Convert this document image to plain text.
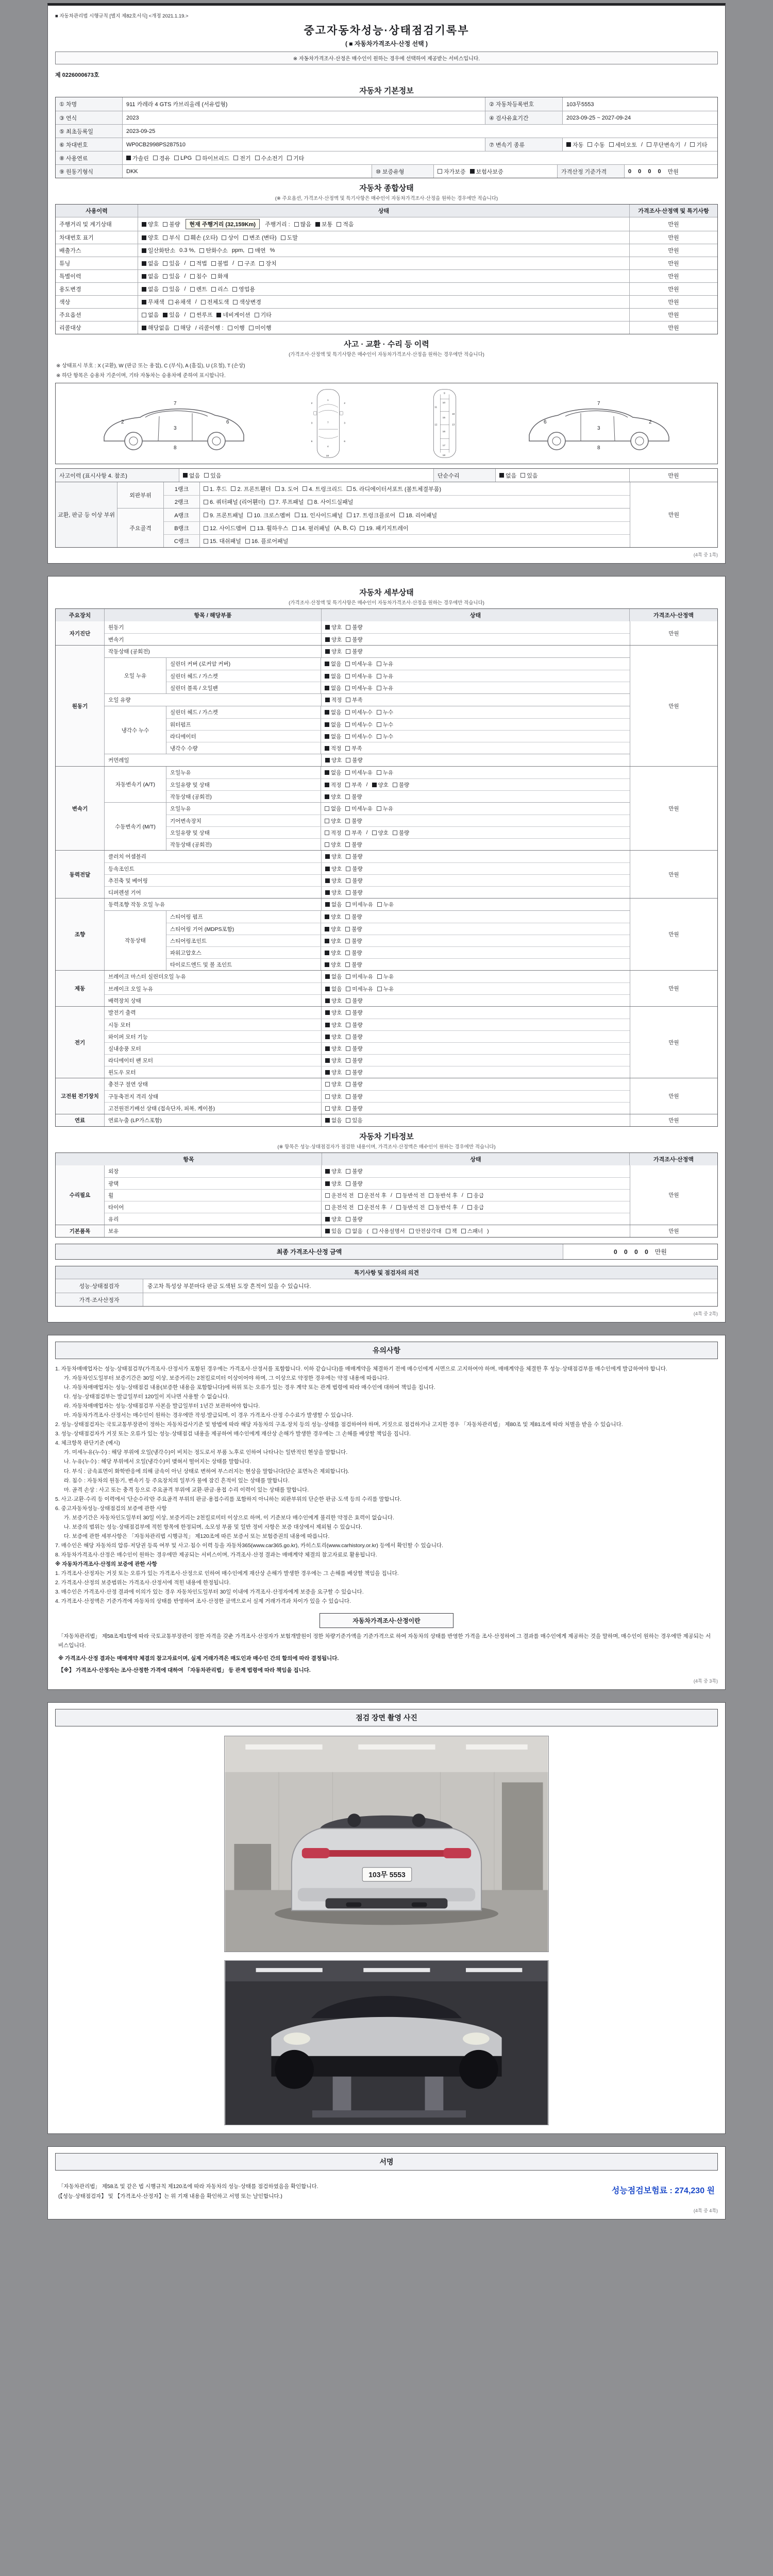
■ 자동차관리법 시행규칙 [별지 제82호서식] <개정 2021.1.19.>
중고자동차성능·상태점검기록부
( ■ 자동차가격조사·산정 선택 )
※ 자동차가격조사·산정은 매수인이 원하는 경우에 선택하여 제공받는 서비스입니다.
제 0226000673호
자동차 기본정보
① 차명	911 카레라 4 GTS 카브리올레 (서유럽형)	② 자동차등록번호	103무5553
③ 연식	2023	④ 검사유효기간	2023-09-25 ~ 2027-09-24
⑤ 최초등록일	2023-09-25
⑥ 차대번호	WP0CB2998PS287510	⑦ 변속기 종류	자동 수동 세미오토 / 무단변속기 / 기타
⑧ 사용연료	가솔린 경유 LPG 하이브리드 전기 수소전기 기타
⑨ 원동기형식	DKK	⑩ 보증유형	자가보증 보험사보증	가격산정 기준가격	0 0 0 0 만원
자동차 종합상태
(※ 주요옵션, 가격조사·산정액 및 특기사항은 매수인이 자동차가격조사·산정을 원하는 경우에만 적습니다)
사용이력	상태	가격조사·산정액 및 특기사항
주행거리 및 계기상태	양호 불량	현재 주행거리 (32,159Km)	주행거리 : 많음 보통 적음	만원
차대번호 표기	양호 부식 훼손 (오타) 상이 변조 (변타) 도말	만원
배출가스	일산화탄소 0.3 %, 탄화수소 ppm, 매연 %	만원
튜닝	없음 있음 / 적법 불법 / 구조 장치	만원
특별이력	없음 있음 / 침수 화재	만원
용도변경	없음 있음 / 렌트 리스 영업용	만원
색상	무채색 유채색 / 전체도색 색상변경	만원
주요옵션	없음 있음 / 썬루프 네비게이션 기타	만원
리콜대상	해당없음 해당 / 리콜이행 : 이행 미이행	만원
사고 · 교환 · 수리 등 이력
(가격조사·산정액 및 특기사항은 매수인이 자동차가격조사·산정을 원하는 경우에만 적습니다)
※ 상태표시 부호 : X (교환), W (판금 또는 용접), C (부식), A (흠집), U (요철), T (손상)
※ 하단 항목은 승용차 기준이며, 기타 자동차는 승용차에 준하여 표시합니다.
2
3
6
7
8
1
7
4
2	2
3	3
6	6
18
9
10
11
12	13
15
16
19
17
18
2
3
6
7
8
사고이력 (표시사항 4. 참조)	없음 있음	단순수리	없음 있음	만원
교환, 판금 등 이상 부위
외판부위
1랭크	1. 후드 2. 프론트휀더 3. 도어 4. 트렁크리드 5. 라디에이터서포트 (볼트체결부품)
2랭크	6. 쿼터패널 (리어휀더) 7. 루프패널 8. 사이드실패널
주요골격
A랭크	9. 프론트패널 10. 크로스멤버 11. 인사이드패널 17. 트렁크플로어 18. 리어패널
B랭크	12. 사이드멤버 13. 휠하우스 14. 필러패널 (A, B, C) 19. 패키지트레이
C랭크	15. 대쉬패널 16. 플로어패널
만원
(4쪽 중 1쪽)
자동차 세부상태
(가격조사·산정액 및 특기사항은 매수인이 자동차가격조사·산정을 원하는 경우에만 적습니다)
주요장치	항목 / 해당부품	상태	가격조사·산정액
자기진단
원동기	양호 불량
변속기	양호 불량
만원
원동기
작동상태 (공회전)	양호 불량
오일 누유
실린더 커버 (로커암 커버)	없음 미세누유 누유
실린더 헤드 / 가스켓	없음 미세누유 누유
실린더 블록 / 오일팬	없음 미세누유 누유
오일 유량	적정 부족
냉각수 누수
실린더 헤드 / 가스켓	없음 미세누수 누수
워터펌프	없음 미세누수 누수
라디에이터	없음 미세누수 누수
냉각수 수량	적정 부족
커먼레일	양호 불량
만원
변속기
자동변속기 (A/T)
오일누유	없음 미세누유 누유
오일유량 및 상태	적정 부족 / 양호 불량
작동상태 (공회전)	양호 불량
수동변속기 (M/T)
오일누유	없음 미세누유 누유
기어변속장치	양호 불량
오일유량 및 상태	적정 부족 / 양호 불량
작동상태 (공회전)	양호 불량
만원
동력전달
클러치 어셈블리	양호 불량
등속조인트	양호 불량
추진축 및 베어링	양호 불량
디퍼렌셜 기어	양호 불량
만원
조향
동력조향 작동 오일 누유	없음 미세누유 누유
작동상태
스티어링 펌프	양호 불량
스티어링 기어 (MDPS포함)	양호 불량
스티어링조인트	양호 불량
파워고압호스	양호 불량
타이로드엔드 및 볼 조인트	양호 불량
만원
제동
브레이크 마스터 실린더오일 누유	없음 미세누유 누유
브레이크 오일 누유	없음 미세누유 누유
배력장치 상태	양호 불량
만원
전기
발전기 출력	양호 불량
시동 모터	양호 불량
와이퍼 모터 기능	양호 불량
실내송풍 모터	양호 불량
라디에이터 팬 모터	양호 불량
윈도우 모터	양호 불량
만원
고전원 전기장치
충전구 절연 상태	양호 불량
구동축전지 격리 상태	양호 불량
고전원전기배선 상태 (접속단자, 피복, 케이블)	양호 불량
만원
연료	연료누출 (LP가스포함)	없음 있음	만원
자동차 기타정보
(※ 항목은 성능·상태점검자가 점검한 내용이며, 가격조사·산정액은 매수인이 원하는 경우에만 적습니다)
항목	상태	가격조사·산정액
수리필요
외장	양호 불량
광택	양호 불량
휠	운전석 전 운전석 후 / 동반석 전 동반석 후 / 응급
타이어	운전석 전 운전석 후 / 동반석 전 동반석 후 / 응급
유리	양호 불량
만원
기본품목	보유	있음 없음 ( 사용설명서 안전삼각대 잭 스패너 )	만원
최종 가격조사·산정 금액	0 0 0 0 만원
특기사항 및 점검자의 의견
성능·상태점검자	중고차 특성상 부분마다 판금 도색된 도장 흔적이 있을 수 있습니다.
가격·조사산정자
(4쪽 중 2쪽)
유의사항
1. 자동차매매업자는 성능·상태점검부(가격조사·산정서가 포함된 경우에는 가격조사·산정서를 포함합니다. 이하 같습니다)를 매매계약을 체결하기 전에 매수인에게 서면으로 고지하여야 하며, 매매계약을 체결한 후 성능·상태점검부를 매수인에게 발급하여야 합니다.
가. 자동차인도일부터 보증기간은 30일 이상, 보증거리는 2천킬로미터 이상이어야 하며, 그 이상으로 약정한 경우에는 약정 내용에 따릅니다.
나. 자동차매매업자는 성능·상태점검 내용(보증한 내용을 포함합니다)에 허위 또는 오류가 있는 경우 계약 또는 관계 법령에 따라 매수인에 대하여 책임을 집니다.
다. 성능·상태점검부는 발급일부터 120일이 지나면 사용할 수 없습니다.
라. 자동차매매업자는 성능·상태점검부 사본을 발급일부터 1년간 보관하여야 합니다.
마. 자동차가격조사·산정서는 매수인이 원하는 경우에만 작성·발급되며, 이 경우 가격조사·산정 수수료가 발생할 수 있습니다.
2. 성능·상태점검자는 국토교통부장관이 정하는 자동차검사기준 및 방법에 따라 해당 자동차의 구조·장치 등의 성능·상태를 점검하여야 하며, 거짓으로 점검하거나 고지한 경우 「자동차관리법」 제80조 및 제81조에 따라 처벌을 받을 수 있습니다.
3. 성능·상태점검자가 거짓 또는 오류가 있는 성능·상태점검 내용을 제공하여 매수인에게 재산상 손해가 발생한 경우에는 그 손해를 배상할 책임을 집니다.
4. 체크항목 판단기준 (예시)
가. 미세누유(누수) : 해당 부위에 오일(냉각수)이 비치는 정도로서 부품 노후로 인하여 나타나는 일반적인 현상을 말합니다.
나. 누유(누수) : 해당 부위에서 오일(냉각수)이 맺혀서 떨어지는 상태를 말합니다.
다. 부식 : 금속표면이 화학반응에 의해 금속이 아닌 상태로 변하여 부스러지는 현상을 말합니다(단순 표면녹은 제외합니다).
라. 침수 : 자동차의 원동기, 변속기 등 주요장치의 일부가 물에 잠긴 흔적이 있는 상태를 말합니다.
마. 골격 손상 : 사고 또는 충격 등으로 주요골격 부위에 교환·판금·용접 수리 이력이 있는 상태를 말합니다.
5. 사고·교환·수리 등 이력에서 '단순수리'란 주요골격 부위의 판금·용접수리를 포함하지 아니하는 외판부위의 단순한 판금·도색 등의 수리를 말합니다.
6. 중고자동차성능·상태점검의 보증에 관한 사항
가. 보증기간은 자동차인도일부터 30일 이상, 보증거리는 2천킬로미터 이상으로 하며, 이 기준보다 매수인에게 불리한 약정은 효력이 없습니다.
나. 보증의 범위는 성능·상태점검부에 적힌 항목에 한정되며, 소모성 부품 및 일반 정비 사항은 보증 대상에서 제외될 수 있습니다.
다. 보증에 관한 세부사항은 「자동차관리법 시행규칙」 제120조에 따른 보증서 또는 보험증권의 내용에 따릅니다.
7. 매수인은 해당 자동차의 압류·저당권 등록 여부 및 사고·침수 이력 등을 자동차365(www.car365.go.kr), 카히스토리(www.carhistory.or.kr) 등에서 확인할 수 있습니다.
8. 자동차가격조사·산정은 매수인이 원하는 경우에만 제공되는 서비스이며, 가격조사·산정 결과는 매매계약 체결의 참고자료로 활용됩니다.
※ 자동차가격조사·산정의 보증에 관한 사항
1. 가격조사·산정자는 거짓 또는 오류가 있는 가격조사·산정으로 인하여 매수인에게 재산상 손해가 발생한 경우에는 그 손해를 배상할 책임을 집니다.
2. 가격조사·산정의 보증범위는 가격조사·산정서에 적힌 내용에 한정됩니다.
3. 매수인은 가격조사·산정 결과에 이의가 있는 경우 자동차인도일부터 30일 이내에 가격조사·산정자에게 보증을 요구할 수 있습니다.
4. 가격조사·산정액은 기준가격에 자동차의 상태를 반영하여 조사·산정한 금액으로서 실제 거래가격과 차이가 있을 수 있습니다.
자동차가격조사·산정이란
「자동차관리법」 제58조제1항에 따라 국토교통부장관이 정한 자격을 갖춘 가격조사·산정자가 보험개발원이 정한 차량기준가액을 기준가격으로 하여 자동차의 상태를 반영한 가격을 조사·산정하여 그 결과를 매수인에게 제공하는 것을 말하며, 매수인이 원하는 경우에만 제공되는 서비스입니다.
※ 가격조사·산정 결과는 매매계약 체결의 참고자료이며, 실제 거래가격은 매도인과 매수인 간의 합의에 따라 결정됩니다.
【※】 가격조사·산정자는 조사·산정한 가격에 대하여 「자동차관리법」 등 관계 법령에 따라 책임을 집니다.
(4쪽 중 3쪽)
점검 장면 촬영 사진
103무 5553
서명
「자동차관리법」 제58조 및 같은 법 시행규칙 제120조에 따라 자동차의 성능·상태를 점검하였음을 확인합니다.
(【성능·상태점검자】 및 【가격조사·산정자】는 위 기재 내용을 확인하고 서명 또는 날인합니다.)
성능점검보험료 : 274,230 원
(4쪽 중 4쪽)
